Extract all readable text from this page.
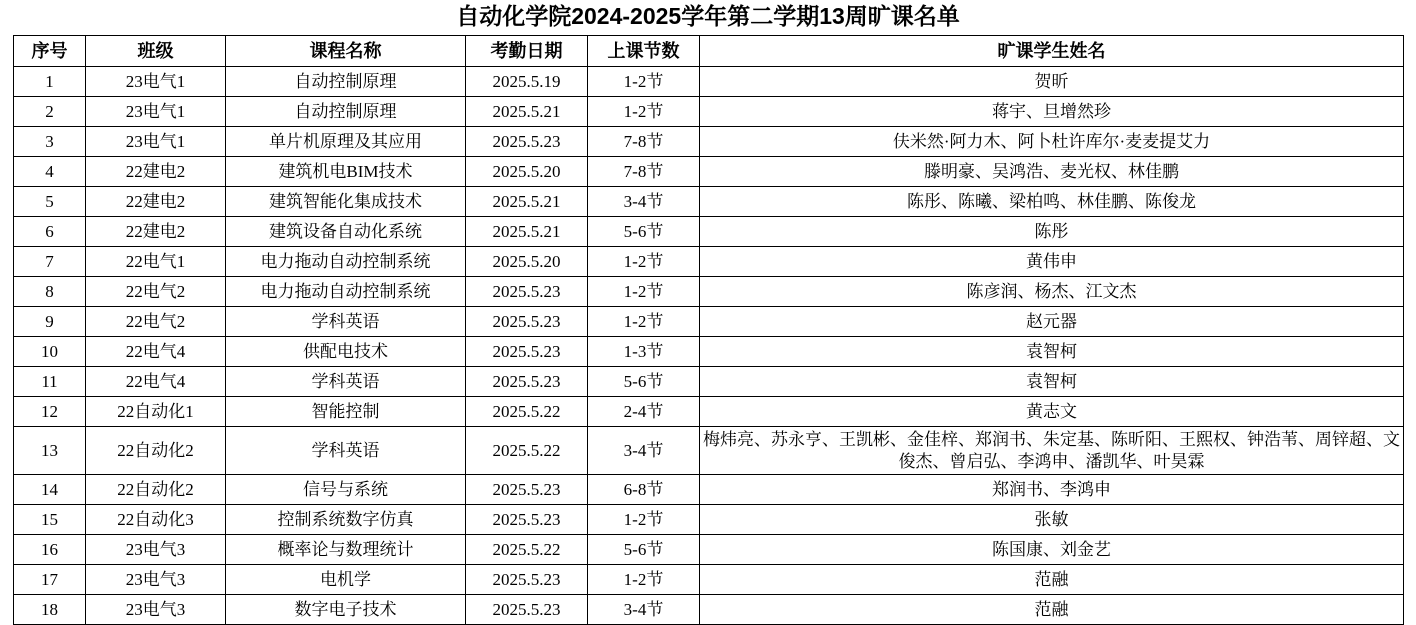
自动化学院2024-2025学年第二学期13周旷课名单
序号	班级	课程名称	考勤日期	上课节数	旷课学生姓名
1	23电气1	自动控制原理	2025.5.19	1-2节	贺昕
2	23电气1	自动控制原理	2025.5.21	1-2节	蒋宇、旦增然珍
3	23电气1	单片机原理及其应用	2025.5.23	7-8节	伕米然·阿力木、阿卜杜许库尔·麦麦提艾力
4	22建电2	建筑机电BIM技术	2025.5.20	7-8节	滕明豪、吴鸿浩、麦光权、林佳鹏
5	22建电2	建筑智能化集成技术	2025.5.21	3-4节	陈彤、陈曦、梁柏鸣、林佳鹏、陈俊龙
6	22建电2	建筑设备自动化系统	2025.5.21	5-6节	陈彤
7	22电气1	电力拖动自动控制系统	2025.5.20	1-2节	黄伟申
8	22电气2	电力拖动自动控制系统	2025.5.23	1-2节	陈彦润、杨杰、江文杰
9	22电气2	学科英语	2025.5.23	1-2节	赵元器
10	22电气4	供配电技术	2025.5.23	1-3节	袁智柯
11	22电气4	学科英语	2025.5.23	5-6节	袁智柯
12	22自动化1	智能控制	2025.5.22	2-4节	黄志文
13	22自动化2	学科英语	2025.5.22	3-4节	梅炜亮、苏永亨、王凯彬、金佳梓、郑润书、朱定基、陈昕阳、王熙权、钟浩苇、周锌超、文俊杰、曾启弘、李鸿申、潘凯华、叶昊霖
14	22自动化2	信号与系统	2025.5.23	6-8节	郑润书、李鸿申
15	22自动化3	控制系统数字仿真	2025.5.23	1-2节	张敏
16	23电气3	概率论与数理统计	2025.5.22	5-6节	陈国康、刘金艺
17	23电气3	电机学	2025.5.23	1-2节	范融
18	23电气3	数字电子技术	2025.5.23	3-4节	范融
